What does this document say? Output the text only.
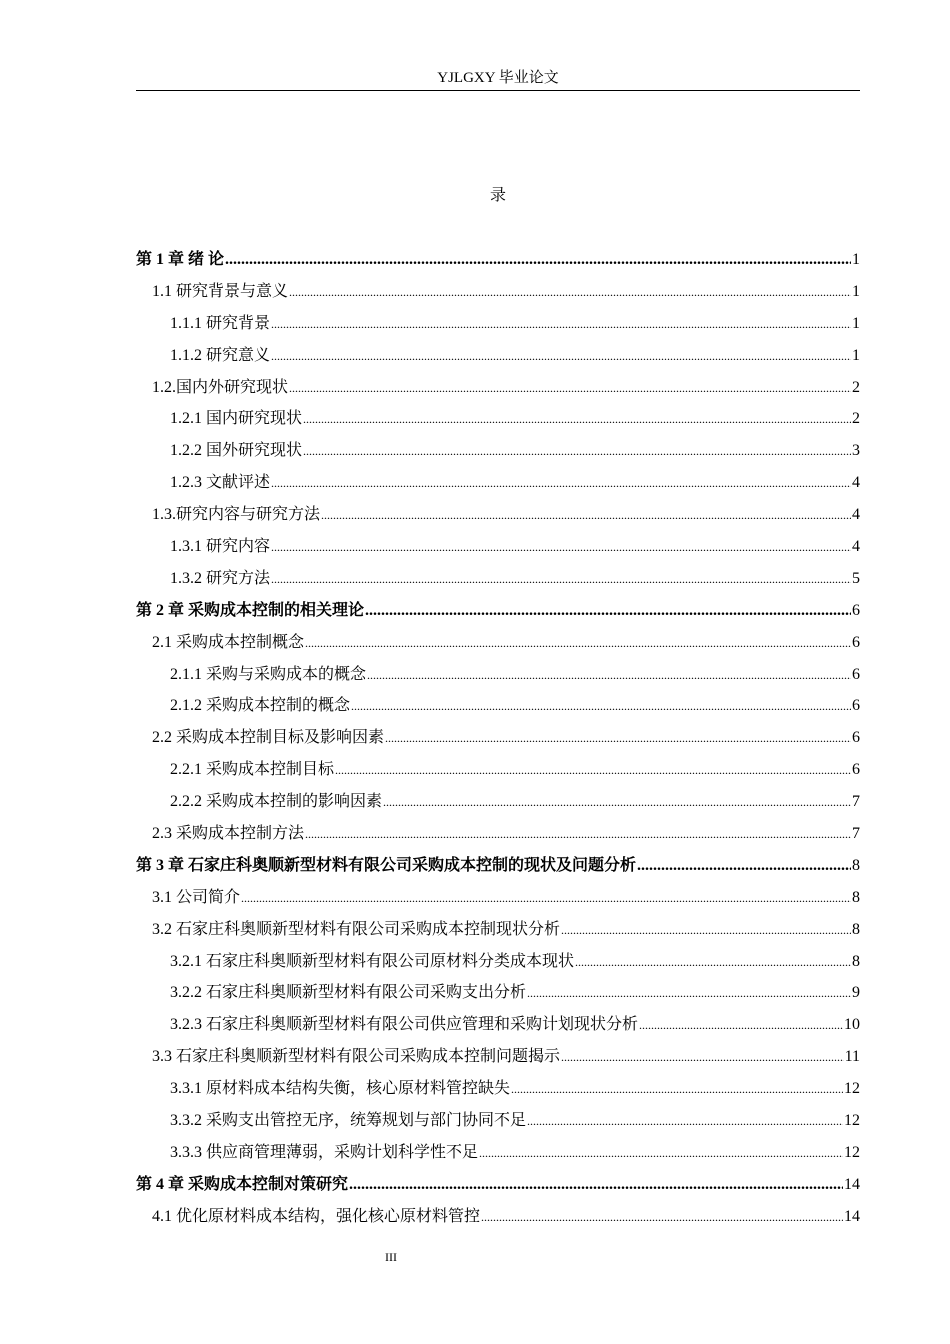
YJLGXY 毕业论文
录
第 1 章 绪 论 .....	1
1.1 研究背景与意义 .....	1
1.1.1 研究背景 .....	1
1.1.2 研究意义 .....	1
1.2.国内外研究现状 .....	2
1.2.1 国内研究现状 .....	2
1.2.2 国外研究现状 .....	3
1.2.3 文献评述 .....	4
1.3.研究内容与研究方法 .....	4
1.3.1 研究内容 .....	4
1.3.2 研究方法 .....	5
第 2 章 采购成本控制的相关理论 .....	6
2.1 采购成本控制概念 .....	6
2.1.1 采购与采购成本的概念 .....	6
2.1.2 采购成本控制的概念 .....	6
2.2 采购成本控制目标及影响因素 .....	6
2.2.1 采购成本控制目标 .....	6
2.2.2 采购成本控制的影响因素 .....	7
2.3 采购成本控制方法 .....	7
第 3 章 石家庄科奥顺新型材料有限公司采购成本控制的现状及问题分析 .....	8
3.1 公司简介 .....	8
3.2 石家庄科奥顺新型材料有限公司采购成本控制现状分析 .....	8
3.2.1 石家庄科奥顺新型材料有限公司原材料分类成本现状 .....	8
3.2.2 石家庄科奥顺新型材料有限公司采购支出分析 .....	9
3.2.3 石家庄科奥顺新型材料有限公司供应管理和采购计划现状分析 .....	10
3.3 石家庄科奥顺新型材料有限公司采购成本控制问题揭示 .....	11
3.3.1 原材料成本结构失衡，核心原材料管控缺失 .....	12
3.3.2 采购支出管控无序，统筹规划与部门协同不足 .....	12
3.3.3 供应商管理薄弱，采购计划科学性不足 .....	12
第 4 章 采购成本控制对策研究 .....	14
4.1 优化原材料成本结构，强化核心原材料管控 .....	14
III
